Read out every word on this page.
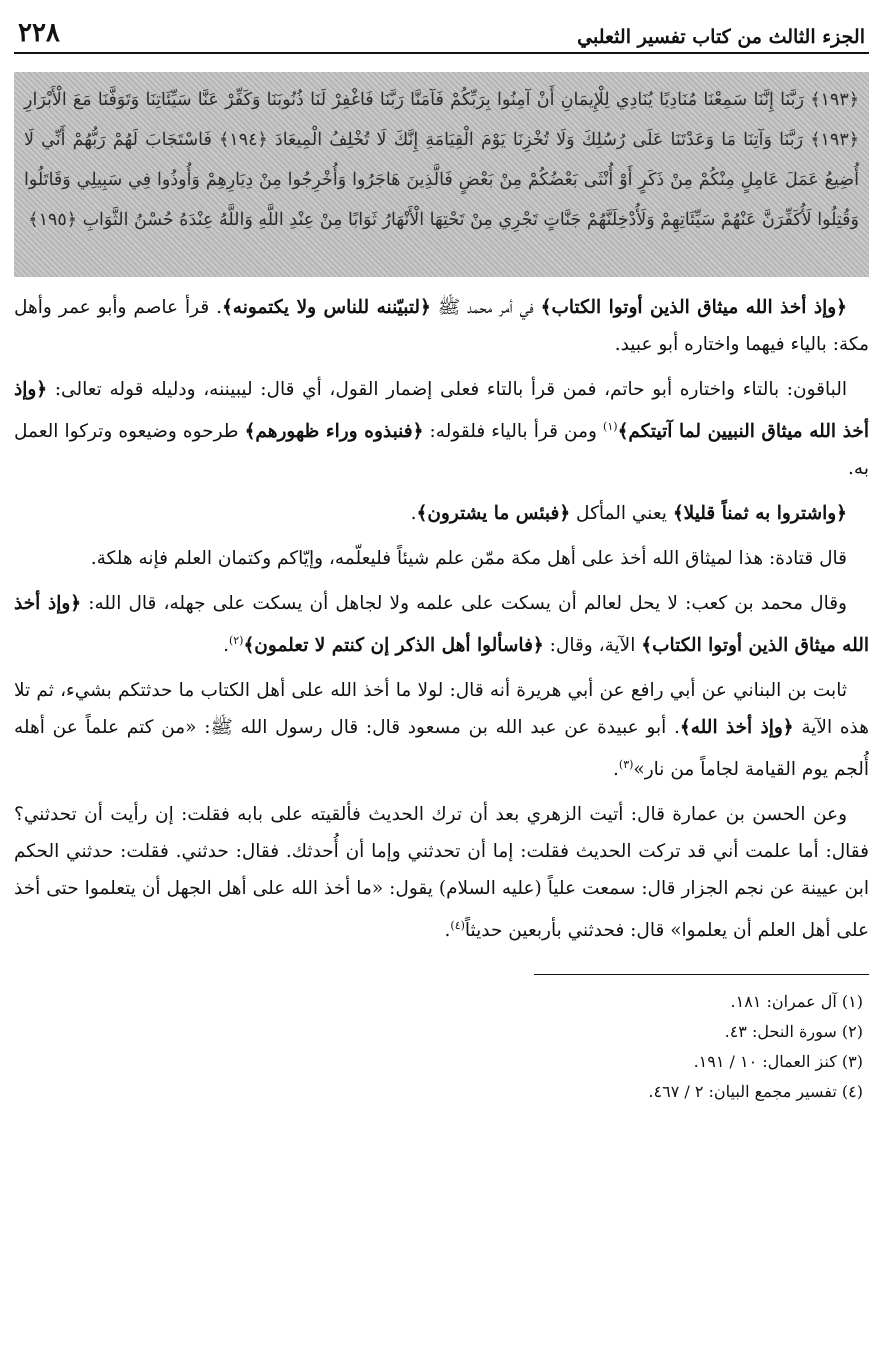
الجزء الثالث من كتاب تفسير الثعلبي
٢٢٨
﴿١٩٣﴾ رَبَّنَا إِنَّنَا سَمِعْنَا مُنَادِيًا يُنَادِي لِلْإِيمَانِ أَنْ آمِنُوا بِرَبِّكُمْ فَآمَنَّا رَبَّنَا فَاغْفِرْ لَنَا ذُنُوبَنَا وَكَفِّرْ عَنَّا سَيِّئَاتِنَا وَتَوَفَّنَا مَعَ الْأَبْرَارِ ﴿١٩٣﴾ رَبَّنَا وَآتِنَا مَا وَعَدْتَنَا عَلَى رُسُلِكَ وَلَا تُخْزِنَا يَوْمَ الْقِيَامَةِ إِنَّكَ لَا تُخْلِفُ الْمِيعَادَ ﴿١٩٤﴾ فَاسْتَجَابَ لَهُمْ رَبُّهُمْ أَنِّي لَا أُضِيعُ عَمَلَ عَامِلٍ مِنْكُمْ مِنْ ذَكَرٍ أَوْ أُنْثَى بَعْضُكُمْ مِنْ بَعْضٍ فَالَّذِينَ هَاجَرُوا وَأُخْرِجُوا مِنْ دِيَارِهِمْ وَأُوذُوا فِي سَبِيلِي وَقَاتَلُوا وَقُتِلُوا لَأُكَفِّرَنَّ عَنْهُمْ سَيِّئَاتِهِمْ وَلَأُدْخِلَنَّهُمْ جَنَّاتٍ تَجْرِي مِنْ تَحْتِهَا الْأَنْهَارُ ثَوَابًا مِنْ عِنْدِ اللَّهِ وَاللَّهُ عِنْدَهُ حُسْنُ الثَّوَابِ ﴿١٩٥﴾

﴿وإذ أخذ الله ميثاق الذين أوتوا الكتاب﴾ في أمر محمد ﷺ ﴿لتبيّننه للناس ولا يكتمونه﴾. قرأ عاصم وأبو عمر وأهل مكة: بالياء فيهما واختاره أبو عبيد.

الباقون: بالتاء واختاره أبو حاتم، فمن قرأ بالتاء فعلى إضمار القول، أي قال: ليبيننه، ودليله قوله تعالى: ﴿وإذ أخذ الله ميثاق النبيين لما آتيتكم﴾$^{(١)}$ ومن قرأ بالياء فلقوله: ﴿فنبذوه وراء ظهورهم﴾ طرحوه وضيعوه وتركوا العمل به.

﴿واشتروا به ثمناً قليلا﴾ يعني المأكل ﴿فبئس ما يشترون﴾.

قال قتادة: هذا لميثاق الله أخذ على أهل مكة ممّن علم شيئاً فليعلّمه، وإيّاكم وكتمان العلم فإنه هلكة.

وقال محمد بن كعب: لا يحل لعالم أن يسكت على علمه ولا لجاهل أن يسكت على جهله، قال الله: ﴿وإذ أخذ الله ميثاق الذين أوتوا الكتاب﴾ الآية، وقال: ﴿فاسألوا أهل الذكر إن كنتم لا تعلمون﴾$^{(٢)}$.

ثابت بن البناني عن أبي رافع عن أبي هريرة أنه قال: لولا ما أخذ الله على أهل الكتاب ما حدثتكم بشيء، ثم تلا هذه الآية ﴿وإذ أخذ الله﴾. أبو عبيدة عن عبد الله بن مسعود قال: قال رسول الله ﷺ: «من كتم علماً عن أهله أُلجم يوم القيامة لجاماً من نار»$^{(٣)}$.

وعن الحسن بن عمارة قال: أتيت الزهري بعد أن ترك الحديث فألقيته على بابه فقلت: إن رأيت أن تحدثني؟ فقال: أما علمت أني قد تركت الحديث فقلت: إما أن تحدثني وإما أن أُحدثك. فقال: حدثني. فقلت: حدثني الحكم ابن عيينة عن نجم الجزار قال: سمعت علياً (عليه السلام) يقول: «ما أخذ الله على أهل الجهل أن يتعلموا حتى أخذ على أهل العلم أن يعلموا» قال: فحدثني بأربعين حديثاً$^{(٤)}$.

(١) آل عمران: ١٨١.
(٢) سورة النحل: ٤٣.
(٣) كنز العمال: ١٠ / ١٩١.
(٤) تفسير مجمع البيان: ٢ / ٤٦٧.
